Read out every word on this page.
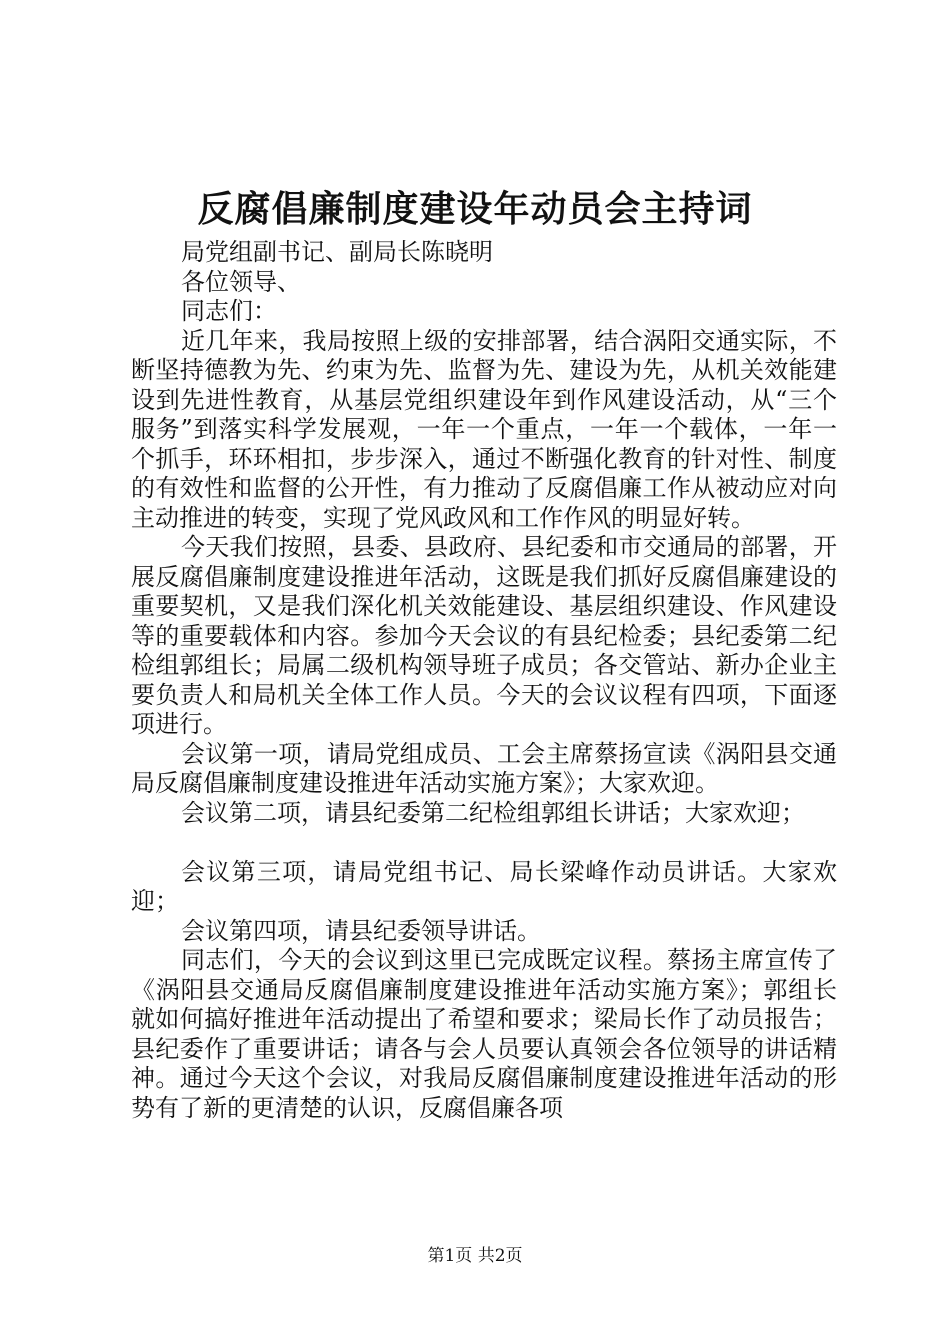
反腐倡廉制度建设年动员会主持词

局党组副书记、副局长陈晓明

各位领导、

同志们：

近几年来，我局按照上级的安排部署，结合涡阳交通实际，不断坚持德教为先、约束为先、监督为先、建设为先，从机关效能建设到先进性教育，从基层党组织建设年到作风建设活动，从“三个服务”到落实科学发展观，一年一个重点，一年一个载体，一年一个抓手，环环相扣，步步深入，通过不断强化教育的针对性、制度的有效性和监督的公开性，有力推动了反腐倡廉工作从被动应对向主动推进的转变，实现了党风政风和工作作风的明显好转。

今天我们按照，县委、县政府、县纪委和市交通局的部署，开展反腐倡廉制度建设推进年活动，这既是我们抓好反腐倡廉建设的重要契机，又是我们深化机关效能建设、基层组织建设、作风建设等的重要载体和内容。参加今天会议的有县纪检委；县纪委第二纪检组郭组长；局属二级机构领导班子成员；各交管站、新办企业主要负责人和局机关全体工作人员。今天的会议议程有四项，下面逐项进行。

会议第一项，请局党组成员、工会主席蔡扬宣读《涡阳县交通局反腐倡廉制度建设推进年活动实施方案》；大家欢迎。

会议第二项，请县纪委第二纪检组郭组长讲话；大家欢迎；

会议第三项，请局党组书记、局长梁峰作动员讲话。大家欢迎；

会议第四项，请县纪委领导讲话。

同志们，今天的会议到这里已完成既定议程。蔡扬主席宣传了《涡阳县交通局反腐倡廉制度建设推进年活动实施方案》；郭组长就如何搞好推进年活动提出了希望和要求；梁局长作了动员报告；县纪委作了重要讲话；请各与会人员要认真领会各位领导的讲话精神。通过今天这个会议，对我局反腐倡廉制度建设推进年活动的形势有了新的更清楚的认识，反腐倡廉各项

第1页 共2页
